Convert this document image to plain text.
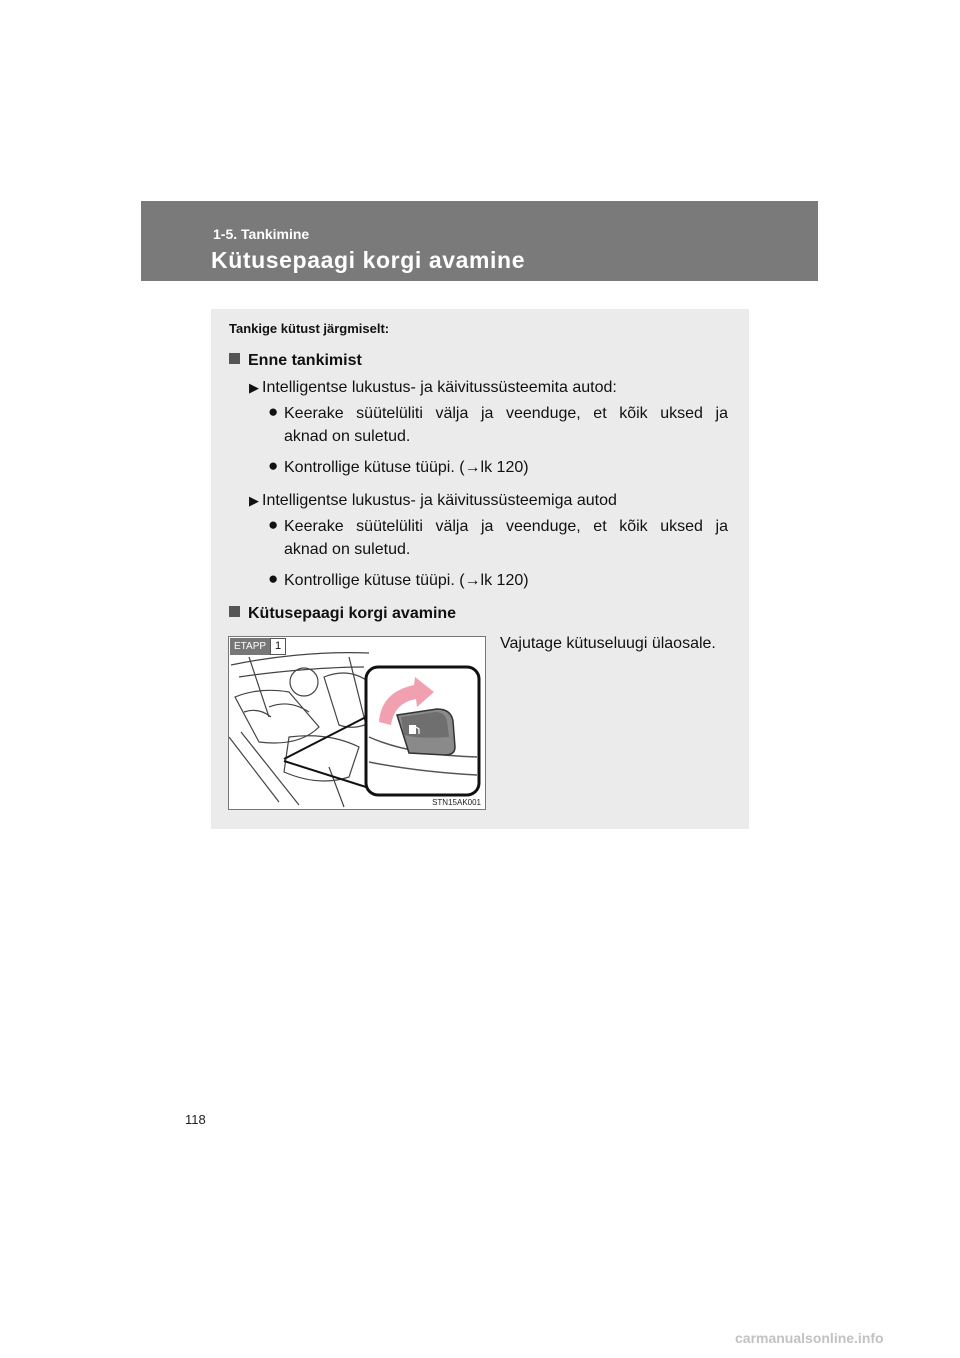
1-5. Tankimine
Kütusepaagi korgi avamine
Tankige kütust järgmiselt:
Enne tankimist
▶ Intelligentse lukustus- ja käivitussüsteemita autod:
● Keerake süütelüliti välja ja veenduge, et kõik uksed ja
aknad on suletud.
● Kontrollige kütuse tüüpi. (→lk 120)
▶ Intelligentse lukustus- ja käivitussüsteemiga autod
● Keerake süütelüliti välja ja veenduge, et kõik uksed ja
aknad on suletud.
● Kontrollige kütuse tüüpi. (→lk 120)
Kütusepaagi korgi avamine
Vajutage kütuseluugi ülaosale.
ETAPP 1
STN15AK001
118
carmanualsonline.info
